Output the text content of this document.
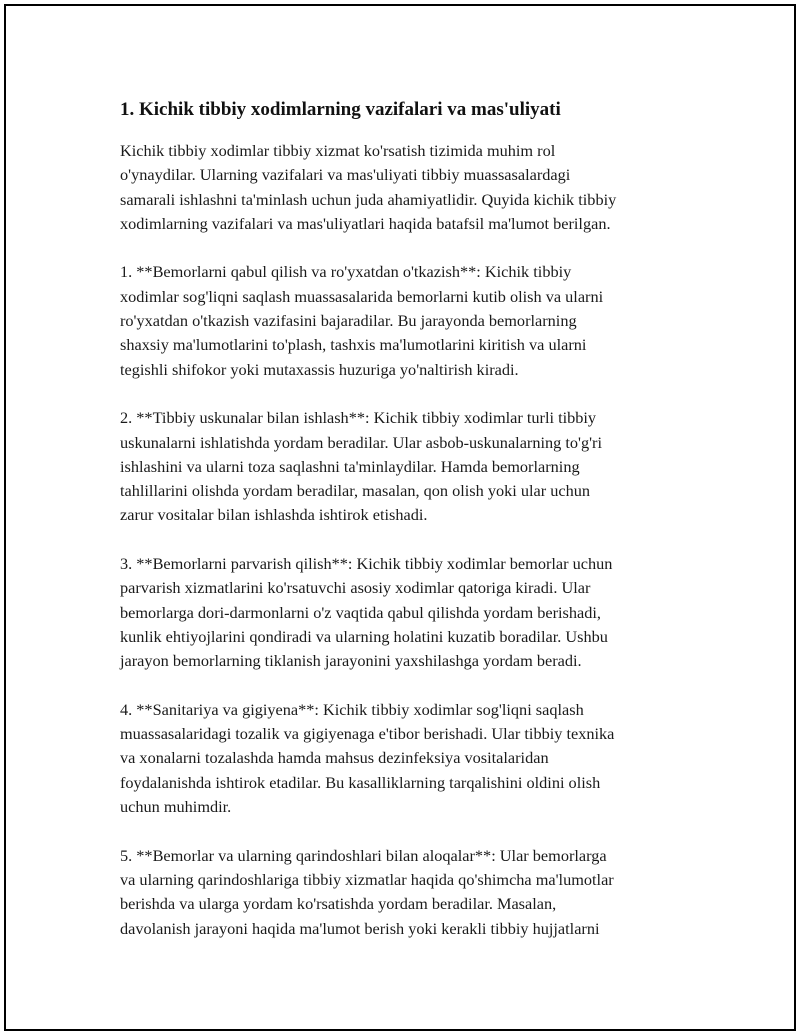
1. Kichik tibbiy xodimlarning vazifalari va mas'uliyati

Kichik tibbiy xodimlar tibbiy xizmat ko'rsatish tizimida muhim rol
o'ynaydilar. Ularning vazifalari va mas'uliyati tibbiy muassasalardagi
samarali ishlashni ta'minlash uchun juda ahamiyatlidir. Quyida kichik tibbiy
xodimlarning vazifalari va mas'uliyatlari haqida batafsil ma'lumot berilgan.

1. **Bemorlarni qabul qilish va ro'yxatdan o'tkazish**: Kichik tibbiy
xodimlar sog'liqni saqlash muassasalarida bemorlarni kutib olish va ularni
ro'yxatdan o'tkazish vazifasini bajaradilar. Bu jarayonda bemorlarning
shaxsiy ma'lumotlarini to'plash, tashxis ma'lumotlarini kiritish va ularni
tegishli shifokor yoki mutaxassis huzuriga yo'naltirish kiradi.

2. **Tibbiy uskunalar bilan ishlash**: Kichik tibbiy xodimlar turli tibbiy
uskunalarni ishlatishda yordam beradilar. Ular asbob-uskunalarning to'g'ri
ishlashini va ularni toza saqlashni ta'minlaydilar. Hamda bemorlarning
tahlillarini olishda yordam beradilar, masalan, qon olish yoki ular uchun
zarur vositalar bilan ishlashda ishtirok etishadi.

3. **Bemorlarni parvarish qilish**: Kichik tibbiy xodimlar bemorlar uchun
parvarish xizmatlarini ko'rsatuvchi asosiy xodimlar qatoriga kiradi. Ular
bemorlarga dori-darmonlarni o'z vaqtida qabul qilishda yordam berishadi,
kunlik ehtiyojlarini qondiradi va ularning holatini kuzatib boradilar. Ushbu
jarayon bemorlarning tiklanish jarayonini yaxshilashga yordam beradi.

4. **Sanitariya va gigiyena**: Kichik tibbiy xodimlar sog'liqni saqlash
muassasalaridagi tozalik va gigiyenaga e'tibor berishadi. Ular tibbiy texnika
va xonalarni tozalashda hamda mahsus dezinfeksiya vositalaridan
foydalanishda ishtirok etadilar. Bu kasalliklarning tarqalishini oldini olish
uchun muhimdir.

5. **Bemorlar va ularning qarindoshlari bilan aloqalar**: Ular bemorlarga
va ularning qarindoshlariga tibbiy xizmatlar haqida qo'shimcha ma'lumotlar
berishda va ularga yordam ko'rsatishda yordam beradilar. Masalan,
davolanish jarayoni haqida ma'lumot berish yoki kerakli tibbiy hujjatlarni
